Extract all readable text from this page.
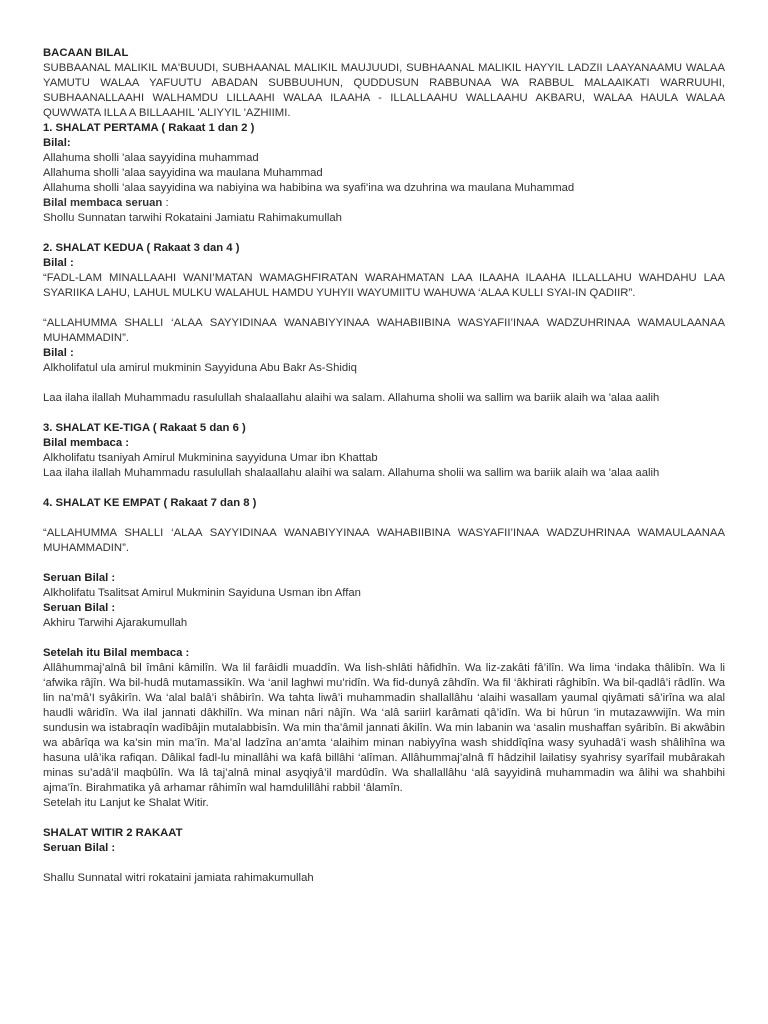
BACAAN BILAL
SUBBAANAL MALIKIL MA'BUUDI, SUBHAANAL MALIKIL MAUJUUDI, SUBHAANAL MALIKIL HAYYIL LADZII LAAYANAAMU WALAA YAMUTU WALAA YAFUUTU ABADAN SUBBUUHUN, QUDDUSUN RABBUNAA WA RABBUL MALAAIKATI WARRUUHI, SUBHAANALLAAHI WALHAMDU LILLAAHI WALAA ILAAHA - ILLALLAAHU WALLAAHU AKBARU, WALAA HAULA WALAA QUWWATA ILLA A BILLAAHIL 'ALIYYIL 'AZHIIMI.
1. SHALAT PERTAMA ( Rakaat 1 dan 2 )
Bilal:
Allahuma sholli 'alaa sayyidina muhammad
Allahuma sholli 'alaa sayyidina wa maulana Muhammad
Allahuma sholli 'alaa sayyidina wa nabiyina wa habibina wa syafi'ina wa dzuhrina wa maulana Muhammad
Bilal membaca seruan :
Shollu Sunnatan tarwihi Rokataini Jamiatu Rahimakumullah
2. SHALAT KEDUA ( Rakaat 3 dan 4 )
Bilal :
“FADL-LAM MINALLAAHI WANI’MATAN WAMAGHFIRATAN WARAHMATAN LAA ILAAHA ILAAHA ILLALLAHU WAHDAHU LAA SYARIIKA LAHU, LAHUL MULKU WALAHUL HAMDU YUHYII WAYUMIITU WAHUWA ‘ALAA KULLI SYAI-IN QADIIR”.
“ALLAHUMMA SHALLI ‘ALAA SAYYIDINAA WANABIYYINAA WAHABIIBINA WASYAFII’INAA WADZUHRINAA WAMAULAANAA MUHAMMADIN”.
Bilal :
Alkholifatul ula amirul mukminin Sayyiduna Abu Bakr As-Shidiq
Laa ilaha ilallah Muhammadu rasulullah shalaallahu alaihi wa salam. Allahuma sholii wa sallim wa bariik alaih wa 'alaa aalih
3. SHALAT KE-TIGA ( Rakaat 5 dan 6 )
Bilal membaca :
Alkholifatu tsaniyah Amirul Mukminina sayyiduna Umar ibn Khattab
Laa ilaha ilallah Muhammadu rasulullah shalaallahu alaihi wa salam. Allahuma sholii wa sallim wa bariik alaih wa 'alaa aalih
4. SHALAT KE EMPAT ( Rakaat 7 dan 8 )
“ALLAHUMMA SHALLI ‘ALAA SAYYIDINAA WANABIYYINAA WAHABIIBINA WASYAFII’INAA WADZUHRINAA WAMAULAANAA MUHAMMADIN”.
Seruan Bilal :
Alkholifatu Tsalitsat Amirul Mukminin Sayiduna Usman ibn Affan
Seruan Bilal :
Akhiru Tarwihi Ajarakumullah
Setelah itu Bilal membaca :
Allâhummaj’alnâ bil îmâni kâmilîn. Wa lil farâidli muaddîn. Wa lish-shlâti hâfidhîn. Wa liz-zakâti fâ’ilîn. Wa lima ‘indaka thâlibîn. Wa li ‘afwika râjîn. Wa bil-hudâ mutamassikîn. Wa ‘anil laghwi mu’ridîn. Wa fid-dunyâ zâhdîn. Wa fil ‘âkhirati râghibîn. Wa bil-qadlâ’i râdlîn. Wa lin na’mâ’I syâkirîn. Wa ‘alal balâ’i shâbirîn. Wa tahta liwâ’i muhammadin shallallâhu ‘alaihi wasallam yaumal qiyâmati sâ’irîna wa alal haudli wâridîn. Wa ilal jannati dâkhilîn. Wa minan nâri nâjîn. Wa ‘alâ sariirl karâmati qâ’idîn. Wa bi hûrun 'in mutazawwijîn. Wa min sundusin wa istabraqîn wadîbâjin mutalabbisîn. Wa min tha’âmil jannati âkilîn. Wa min labanin wa ‘asalin mushaffan syâribîn. Bi akwâbin wa abârîqa wa ka’sin min ma’în. Ma’al ladzîna an’amta ‘alaihim minan nabiyyîna wash shiddîqîna wasy syuhadâ’i wash shâlihîna wa hasuna ulâ’ika rafiqan. Dâlikal fadl-lu minallâhi wa kafâ billâhi ‘alîman. Allâhummaj’alnâ fî hâdzihil lailatisy syahrisy syarîfail mubârakah minas su’adâ’il maqbûlîn. Wa lâ taj’alnâ minal asyqiyâ’il mardûdîn. Wa shallallâhu ‘alâ sayyidinâ muhammadin wa âlihi wa shahbihi ajma’în. Birahmatika yâ arhamar râhimîn wal hamdulillâhi rabbil ‘âlamîn.
Setelah itu Lanjut ke Shalat Witir.
SHALAT WITIR 2 RAKAAT
Seruan Bilal :
Shallu Sunnatal witri rokataini jamiata rahimakumullah
